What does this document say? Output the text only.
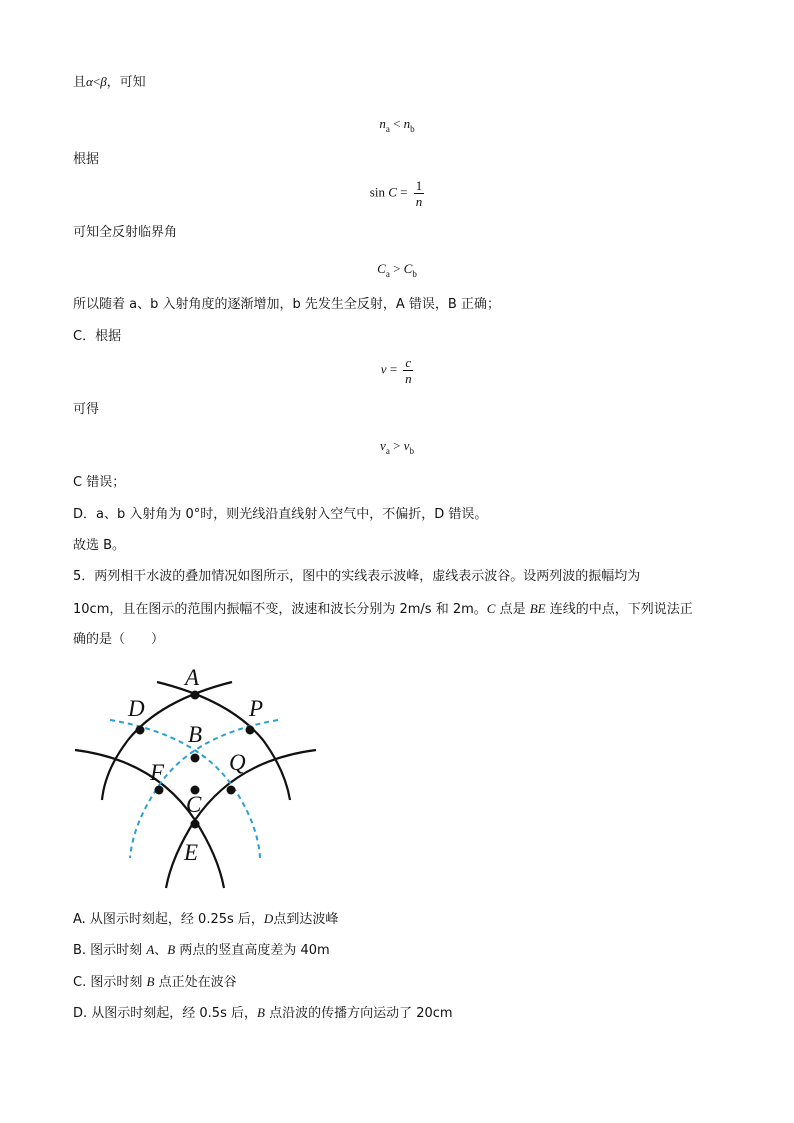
且α<β，可知
$n_a < n_b$
根据
$\sin C = \frac{1}{n}$
可知全反射临界角
$C_a > C_b$
所以随着 a、b 入射角度的逐渐增加，b 先发生全反射，A 错误，B 正确；
C．根据
$v = \frac{c}{n}$
可得
$v_a > v_b$
C 错误；
D．a、b 入射角为 0°时，则光线沿直线射入空气中，不偏折，D 错误。
故选 B。
5．两列相干水波的叠加情况如图所示，图中的实线表示波峰，虚线表示波谷。设两列波的振幅均为
10cm，且在图示的范围内振幅不变，波速和波长分别为 2m/s 和 2m。C 点是 BE 连线的中点，下列说法正
确的是（　　）
A
D	P
B
F	Q
C
E
A. 从图示时刻起，经 0.25s 后，D点到达波峰
B. 图示时刻 A、B 两点的竖直高度差为 40m
C. 图示时刻 B 点正处在波谷
D. 从图示时刻起，经 0.5s 后，B 点沿波的传播方向运动了 20cm
